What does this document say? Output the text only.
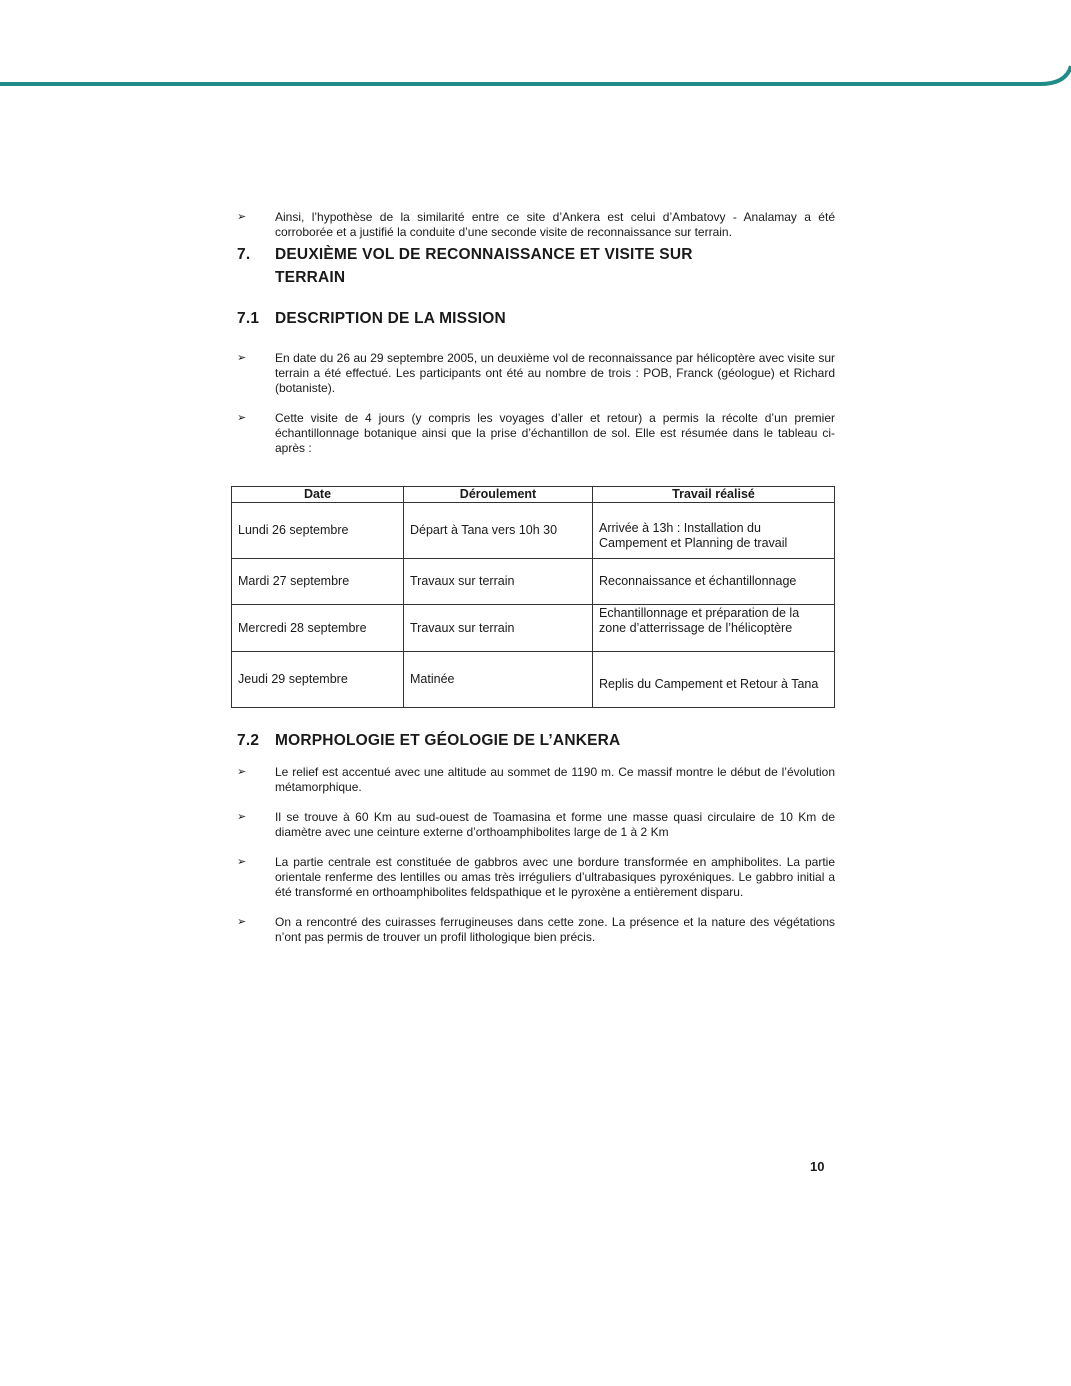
➢ Ainsi, l’hypothèse de la similarité entre ce site d’Ankera est celui d’Ambatovy - Analamay a été corroborée et a justifié la conduite d’une seconde visite de reconnaissance sur terrain.
7.	DEUXIÈME VOL DE RECONNAISSANCE ET VISITE SUR TERRAIN
7.1	DESCRIPTION DE LA MISSION
➢ En date du 26 au 29 septembre 2005, un deuxième vol de reconnaissance par hélicoptère avec visite sur terrain a été effectué. Les participants ont été au nombre de trois : POB, Franck (géologue) et Richard (botaniste).
➢ Cette visite de 4 jours (y compris les voyages d’aller et retour) a permis la récolte d’un premier échantillonnage botanique ainsi que la prise d’échantillon de sol. Elle est résumée dans le tableau ci-après :
Date	Déroulement	Travail réalisé
Lundi 26 septembre	Départ à Tana vers 10h 30	Arrivée à 13h : Installation du Campement et Planning de travail
Mardi 27 septembre	Travaux sur terrain	Reconnaissance et échantillonnage
Mercredi 28 septembre	Travaux sur terrain	Echantillonnage et préparation de la zone d’atterrissage de l’hélicoptère
Jeudi 29 septembre	Matinée	Replis du Campement et Retour à Tana
7.2	MORPHOLOGIE ET GÉOLOGIE DE L’ANKERA
➢ Le relief est accentué avec une altitude au sommet de 1190 m. Ce massif montre le début de l’évolution métamorphique.
➢ Il se trouve à 60 Km au sud-ouest de Toamasina et forme une masse quasi circulaire de 10 Km de diamètre avec une ceinture externe d’orthoamphibolites large de 1 à 2 Km
➢ La partie centrale est constituée de gabbros avec une bordure transformée en amphibolites. La partie orientale renferme des lentilles ou amas très irréguliers d’ultrabasiques pyroxéniques. Le gabbro initial a été transformé en orthoamphibolites feldspathique et le pyroxène a entièrement disparu.
➢ On a rencontré des cuirasses ferrugineuses dans cette zone. La présence et la nature des végétations n’ont pas permis de trouver un profil lithologique bien précis.
10
